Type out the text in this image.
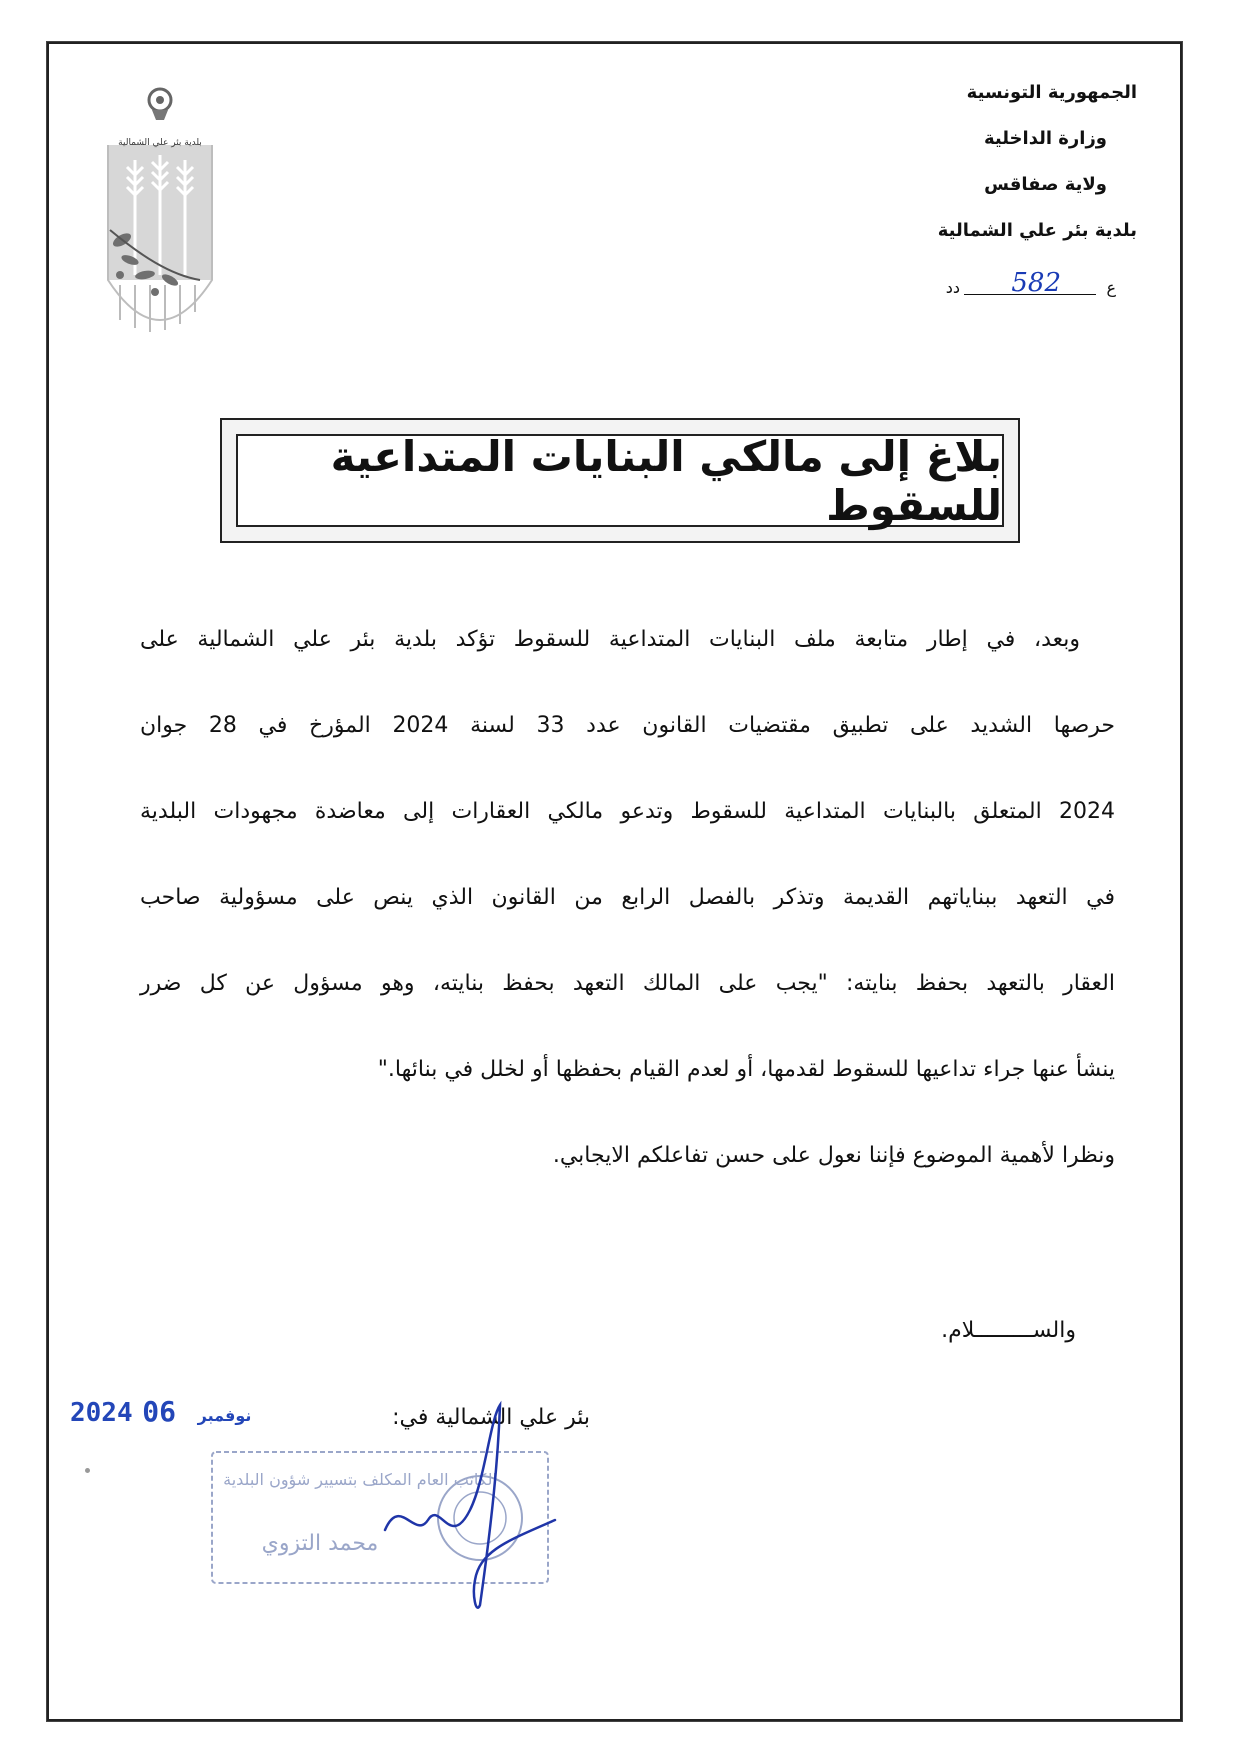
بلدية بئر علي الشمالية
الجمهورية التونسية
وزارة الداخلية
ولاية صفاقس
بلدية بئر علي الشمالية
ع
582
دد
بلاغ إلى مالكي البنايات المتداعية للسقوط
وبعد، في إطار متابعة ملف البنايات المتداعية للسقوط تؤكد بلدية بئر علي الشمالية على
حرصها الشديد على تطبيق مقتضيات القانون عدد 33 لسنة 2024 المؤرخ في 28 جوان
2024 المتعلق بالبنايات المتداعية للسقوط وتدعو مالكي العقارات إلى معاضدة مجهودات البلدية
في التعهد ببناياتهم القديمة وتذكر بالفصل الرابع من القانون الذي ينص على مسؤولية صاحب
العقار بالتعهد بحفظ بنايته: "يجب على المالك التعهد بحفظ بنايته، وهو مسؤول عن كل ضرر
ينشأ عنها جراء تداعيها للسقوط لقدمها، أو لعدم القيام بحفظها أو لخلل في بنائها."
ونظرا لأهمية الموضوع فإننا نعول على حسن تفاعلكم الايجابي.
والســـــــــلام.
بئر علي الشمالية في:
2024	نوفمبر 06
الكاتب العام المكلف بتسيير شؤون البلدية
محمد التزوي
